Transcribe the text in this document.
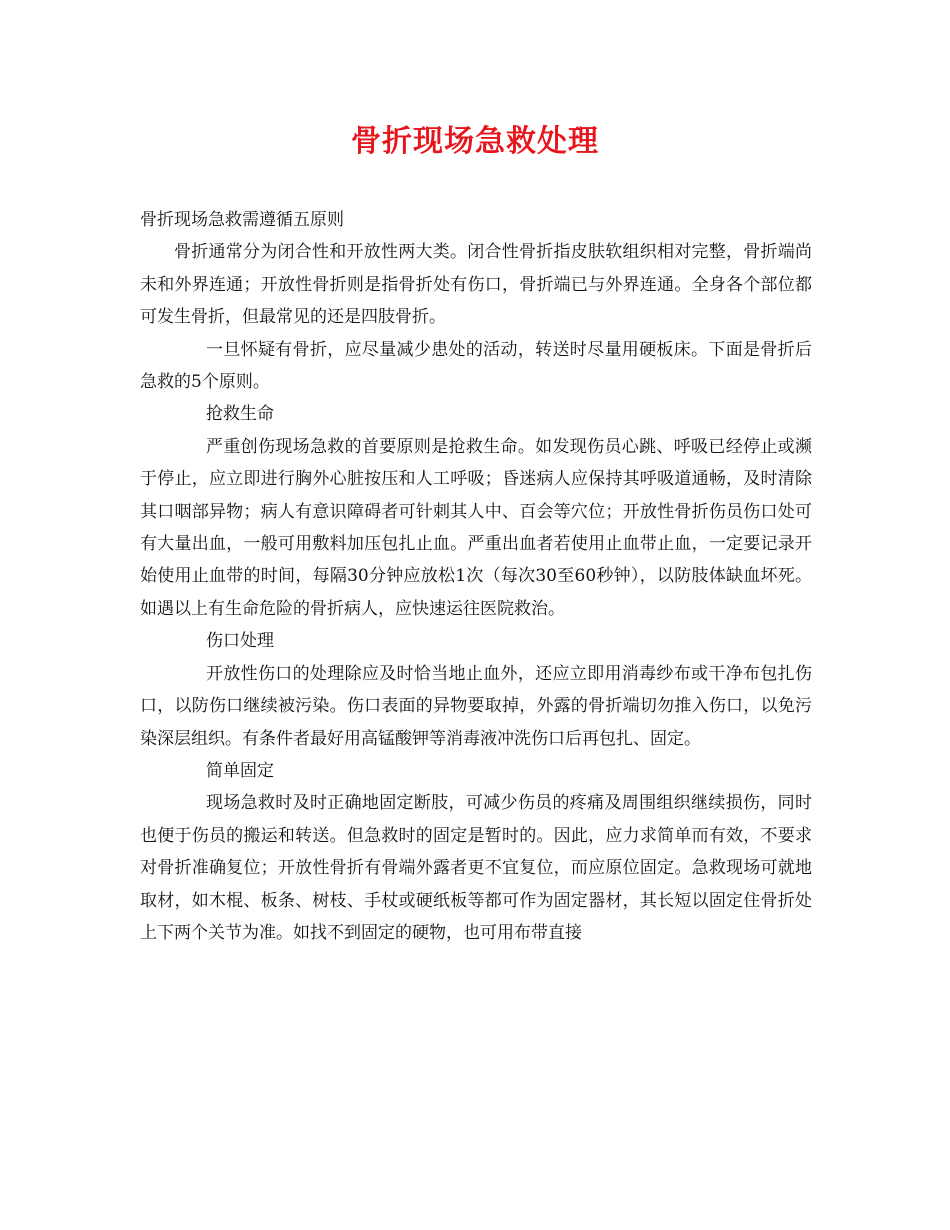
骨折现场急救处理

骨折现场急救需遵循五原则

骨折通常分为闭合性和开放性两大类。闭合性骨折指皮肤软组织相对完整，骨折端尚未和外界连通；开放性骨折则是指骨折处有伤口，骨折端已与外界连通。全身各个部位都可发生骨折，但最常见的还是四肢骨折。

一旦怀疑有骨折，应尽量减少患处的活动，转送时尽量用硬板床。下面是骨折后急救的5个原则。

抢救生命

严重创伤现场急救的首要原则是抢救生命。如发现伤员心跳、呼吸已经停止或濒于停止，应立即进行胸外心脏按压和人工呼吸；昏迷病人应保持其呼吸道通畅，及时清除其口咽部异物；病人有意识障碍者可针刺其人中、百会等穴位；开放性骨折伤员伤口处可有大量出血，一般可用敷料加压包扎止血。严重出血者若使用止血带止血，一定要记录开始使用止血带的时间，每隔30分钟应放松1次（每次30至60秒钟），以防肢体缺血坏死。如遇以上有生命危险的骨折病人，应快速运往医院救治。

伤口处理

开放性伤口的处理除应及时恰当地止血外，还应立即用消毒纱布或干净布包扎伤口，以防伤口继续被污染。伤口表面的异物要取掉，外露的骨折端切勿推入伤口，以免污染深层组织。有条件者最好用高锰酸钾等消毒液冲洗伤口后再包扎、固定。

简单固定

现场急救时及时正确地固定断肢，可减少伤员的疼痛及周围组织继续损伤，同时也便于伤员的搬运和转送。但急救时的固定是暂时的。因此，应力求简单而有效，不要求对骨折准确复位；开放性骨折有骨端外露者更不宜复位，而应原位固定。急救现场可就地取材，如木棍、板条、树枝、手杖或硬纸板等都可作为固定器材，其长短以固定住骨折处上下两个关节为准。如找不到固定的硬物，也可用布带直接
